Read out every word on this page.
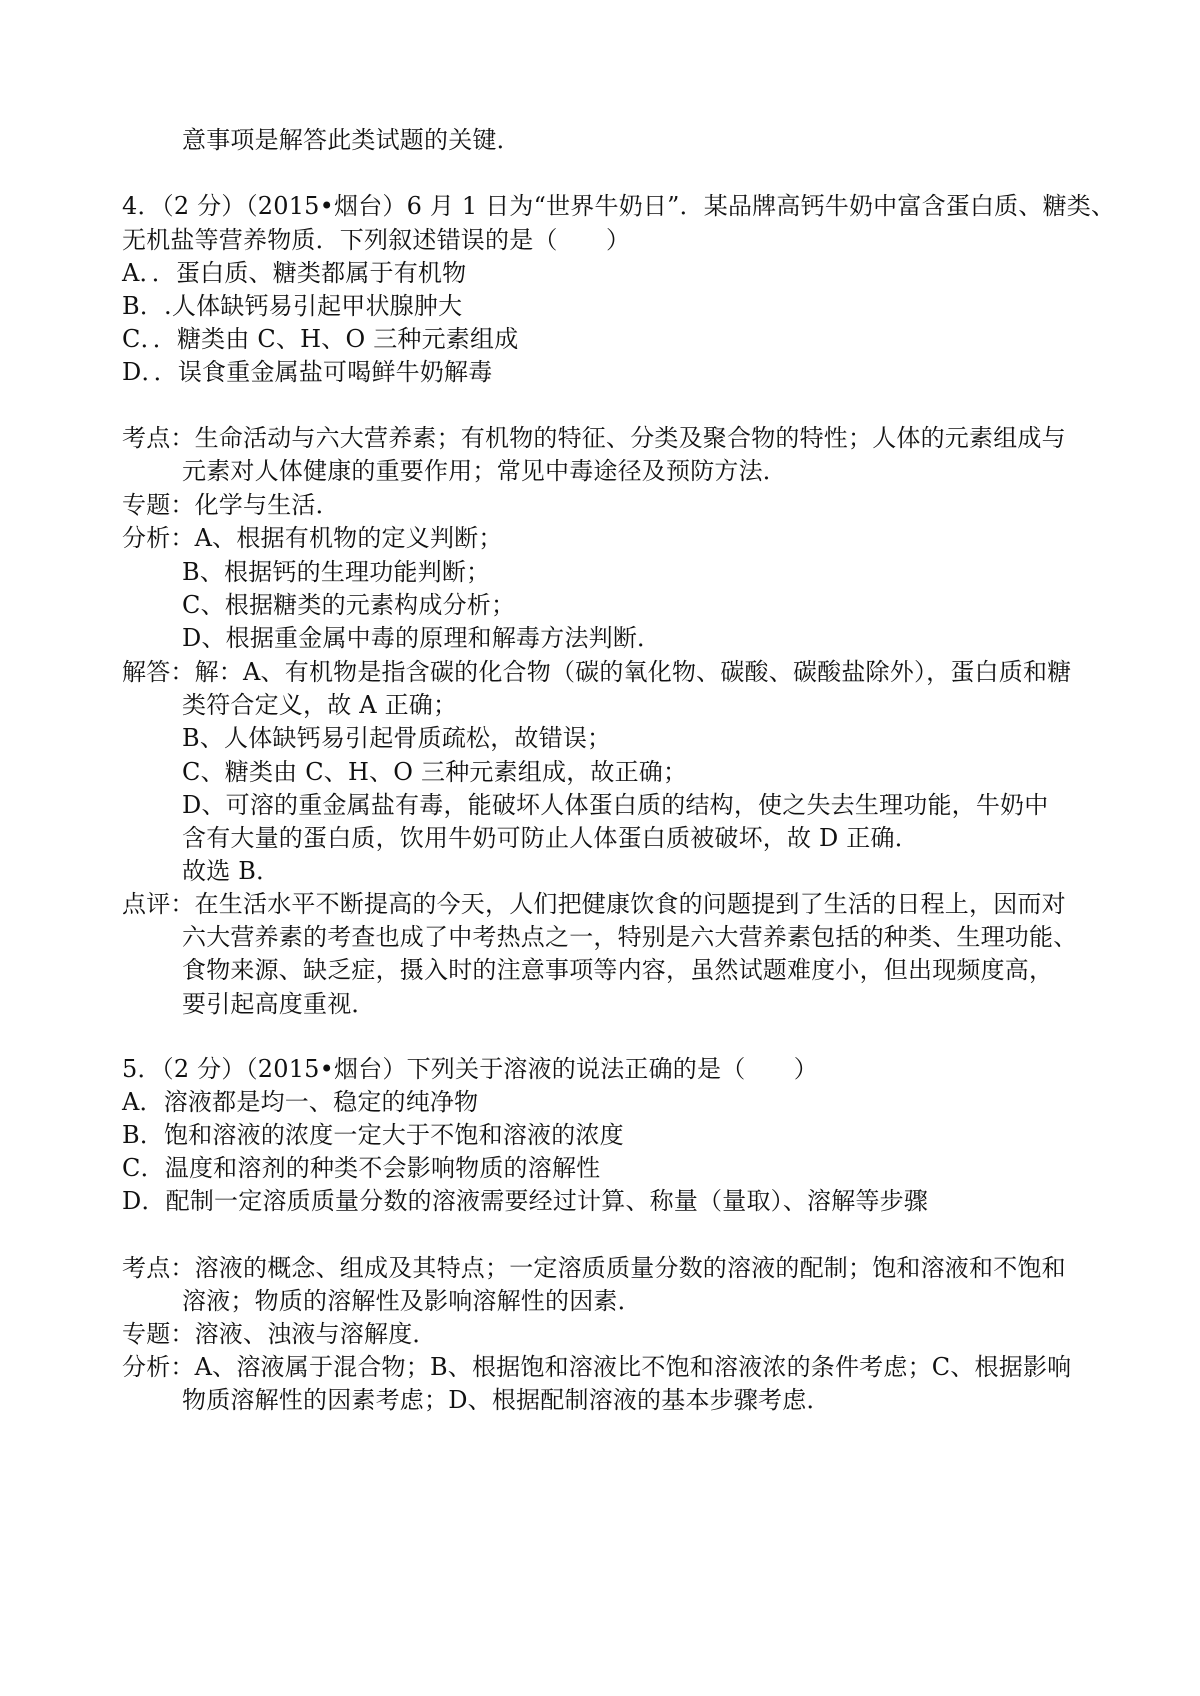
意事项是解答此类试题的关键．
4．（2 分）（2015•烟台）6 月 1 日为“世界牛奶日”．某品牌高钙牛奶中富含蛋白质、糖类、
无机盐等营养物质．下列叙述错误的是（　　）
A．．蛋白质、糖类都属于有机物
B．.人体缺钙易引起甲状腺肿大
C．．糖类由 C、H、O 三种元素组成
D．．误食重金属盐可喝鲜牛奶解毒
考点：生命活动与六大营养素；有机物的特征、分类及聚合物的特性；人体的元素组成与
元素对人体健康的重要作用；常见中毒途径及预防方法．
专题：化学与生活．
分析：A、根据有机物的定义判断；
B、根据钙的生理功能判断；
C、根据糖类的元素构成分析；
D、根据重金属中毒的原理和解毒方法判断．
解答：解：A、有机物是指含碳的化合物（碳的氧化物、碳酸、碳酸盐除外），蛋白质和糖
类符合定义，故 A 正确；
B、人体缺钙易引起骨质疏松，故错误；
C、糖类由 C、H、O 三种元素组成，故正确；
D、可溶的重金属盐有毒，能破坏人体蛋白质的结构，使之失去生理功能，牛奶中
含有大量的蛋白质，饮用牛奶可防止人体蛋白质被破坏，故 D 正确．
故选 B．
点评：在生活水平不断提高的今天，人们把健康饮食的问题提到了生活的日程上，因而对
六大营养素的考查也成了中考热点之一，特别是六大营养素包括的种类、生理功能、
食物来源、缺乏症，摄入时的注意事项等内容，虽然试题难度小，但出现频度高，
要引起高度重视．
5．（2 分）（2015•烟台）下列关于溶液的说法正确的是（　　）
A．溶液都是均一、稳定的纯净物
B．饱和溶液的浓度一定大于不饱和溶液的浓度
C．温度和溶剂的种类不会影响物质的溶解性
D．配制一定溶质质量分数的溶液需要经过计算、称量（量取）、溶解等步骤
考点：溶液的概念、组成及其特点；一定溶质质量分数的溶液的配制；饱和溶液和不饱和
溶液；物质的溶解性及影响溶解性的因素．
专题：溶液、浊液与溶解度．
分析：A、溶液属于混合物；B、根据饱和溶液比不饱和溶液浓的条件考虑；C、根据影响
物质溶解性的因素考虑；D、根据配制溶液的基本步骤考虑．
